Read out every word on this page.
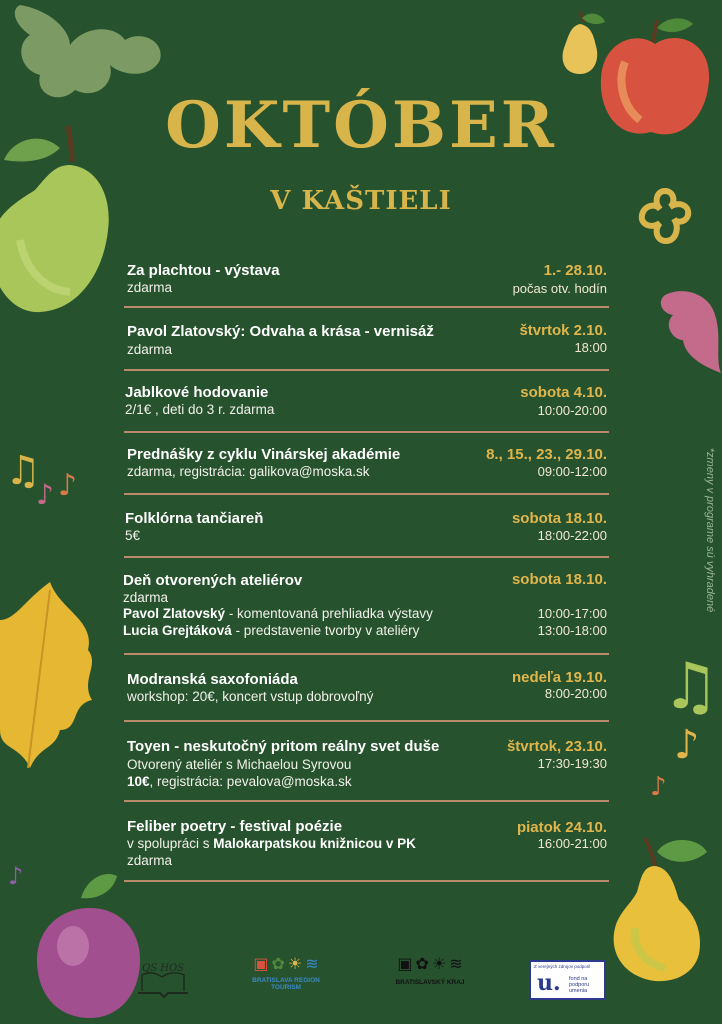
♫
♪ ♪
♫
♪
♪
♪
OKTÓBER
V KAŠTIELI
Za plachtou - výstava
zdarma
1.- 28.10.
počas otv. hodín
Pavol Zlatovský: Odvaha a krása - vernisáž
zdarma
štvrtok 2.10.
18:00
Jablkové hodovanie
2/1€ , deti do 3 r. zdarma
sobota 4.10.
10:00-20:00
Prednášky z cyklu Vinárskej akadémie
zdarma, registrácia: galikova@moska.sk
8., 15., 23., 29.10.
09:00-12:00
Folklórna tančiareň
5€
sobota 18.10.
18:00-22:00
Deň otvorených ateliérov
zdarma
Pavol Zlatovský - komentovaná prehliadka výstavy
Lucia Grejtáková - predstavenie tvorby v ateliéry
sobota 18.10.
10:00-17:00
13:00-18:00
Modranská saxofoniáda
workshop: 20€, koncert vstup dobrovoľný
nedeľa 19.10.
8:00-20:00
Toyen - neskutočný pritom reálny svet duše
Otvorený ateliér s Michaelou Syrovou
10€, registrácia: pevalova@moska.sk
štvrtok, 23.10.
17:30-19:30
Feliber poetry - festival poézie
v spolupráci s Malokarpatskou knižnicou v PK
zdarma
piatok 24.10.
16:00-21:00
*zmeny v programe sú vyhradené
QS HOS	▣ ✿ ☀ ≋
BRATISLAVA REGION
TOURISM
▣ ✿ ☀ ≋
BRATISLAVSKÝ KRAJ
Z verejných zdrojov podporil
u. fond na podporu umenia
